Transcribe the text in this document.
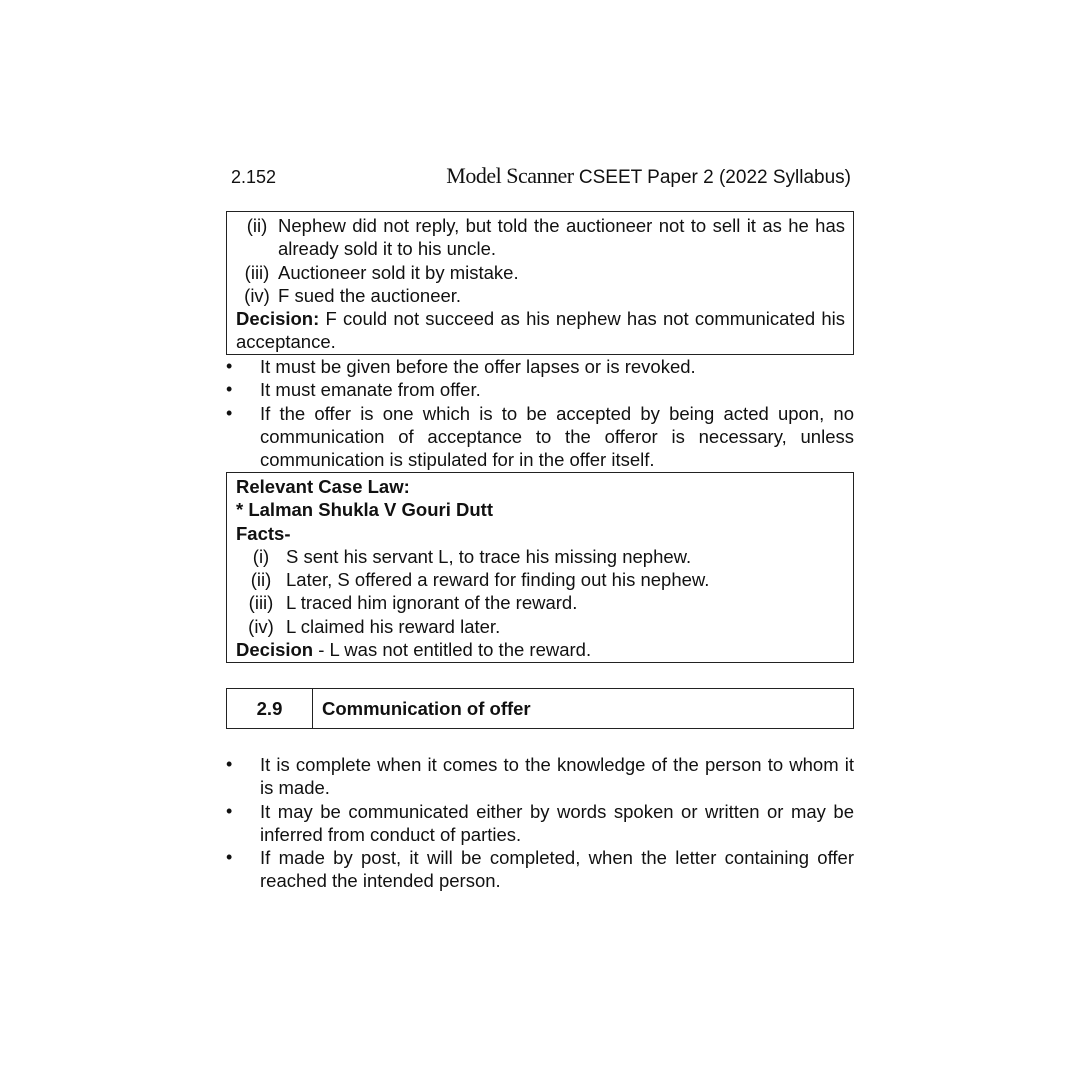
2.152	Model Scanner CSEET Paper 2 (2022 Syllabus)
(ii) Nephew did not reply, but told the auctioneer not to sell it as he has already sold it to his uncle.
(iii) Auctioneer sold it by mistake.
(iv) F sued the auctioneer.
Decision: F could not succeed as his nephew has not communicated his acceptance.
•	It must be given before the offer lapses or is revoked.
•	It must emanate from offer.
•	If the offer is one which is to be accepted by being acted upon, no communication of acceptance to the offeror is necessary, unless communication is stipulated for in the offer itself.
Relevant Case Law:
* Lalman Shukla V Gouri Dutt
Facts-
(i) S sent his servant L, to trace his missing nephew.
(ii) Later, S offered a reward for finding out his nephew.
(iii) L traced him ignorant of the reward.
(iv) L claimed his reward later.
Decision - L was not entitled to the reward.
2.9	Communication of offer
•	It is complete when it comes to the knowledge of the person to whom it is made.
•	It may be communicated either by words spoken or written or may be inferred from conduct of parties.
•	If made by post, it will be completed, when the letter containing offer reached the intended person.
